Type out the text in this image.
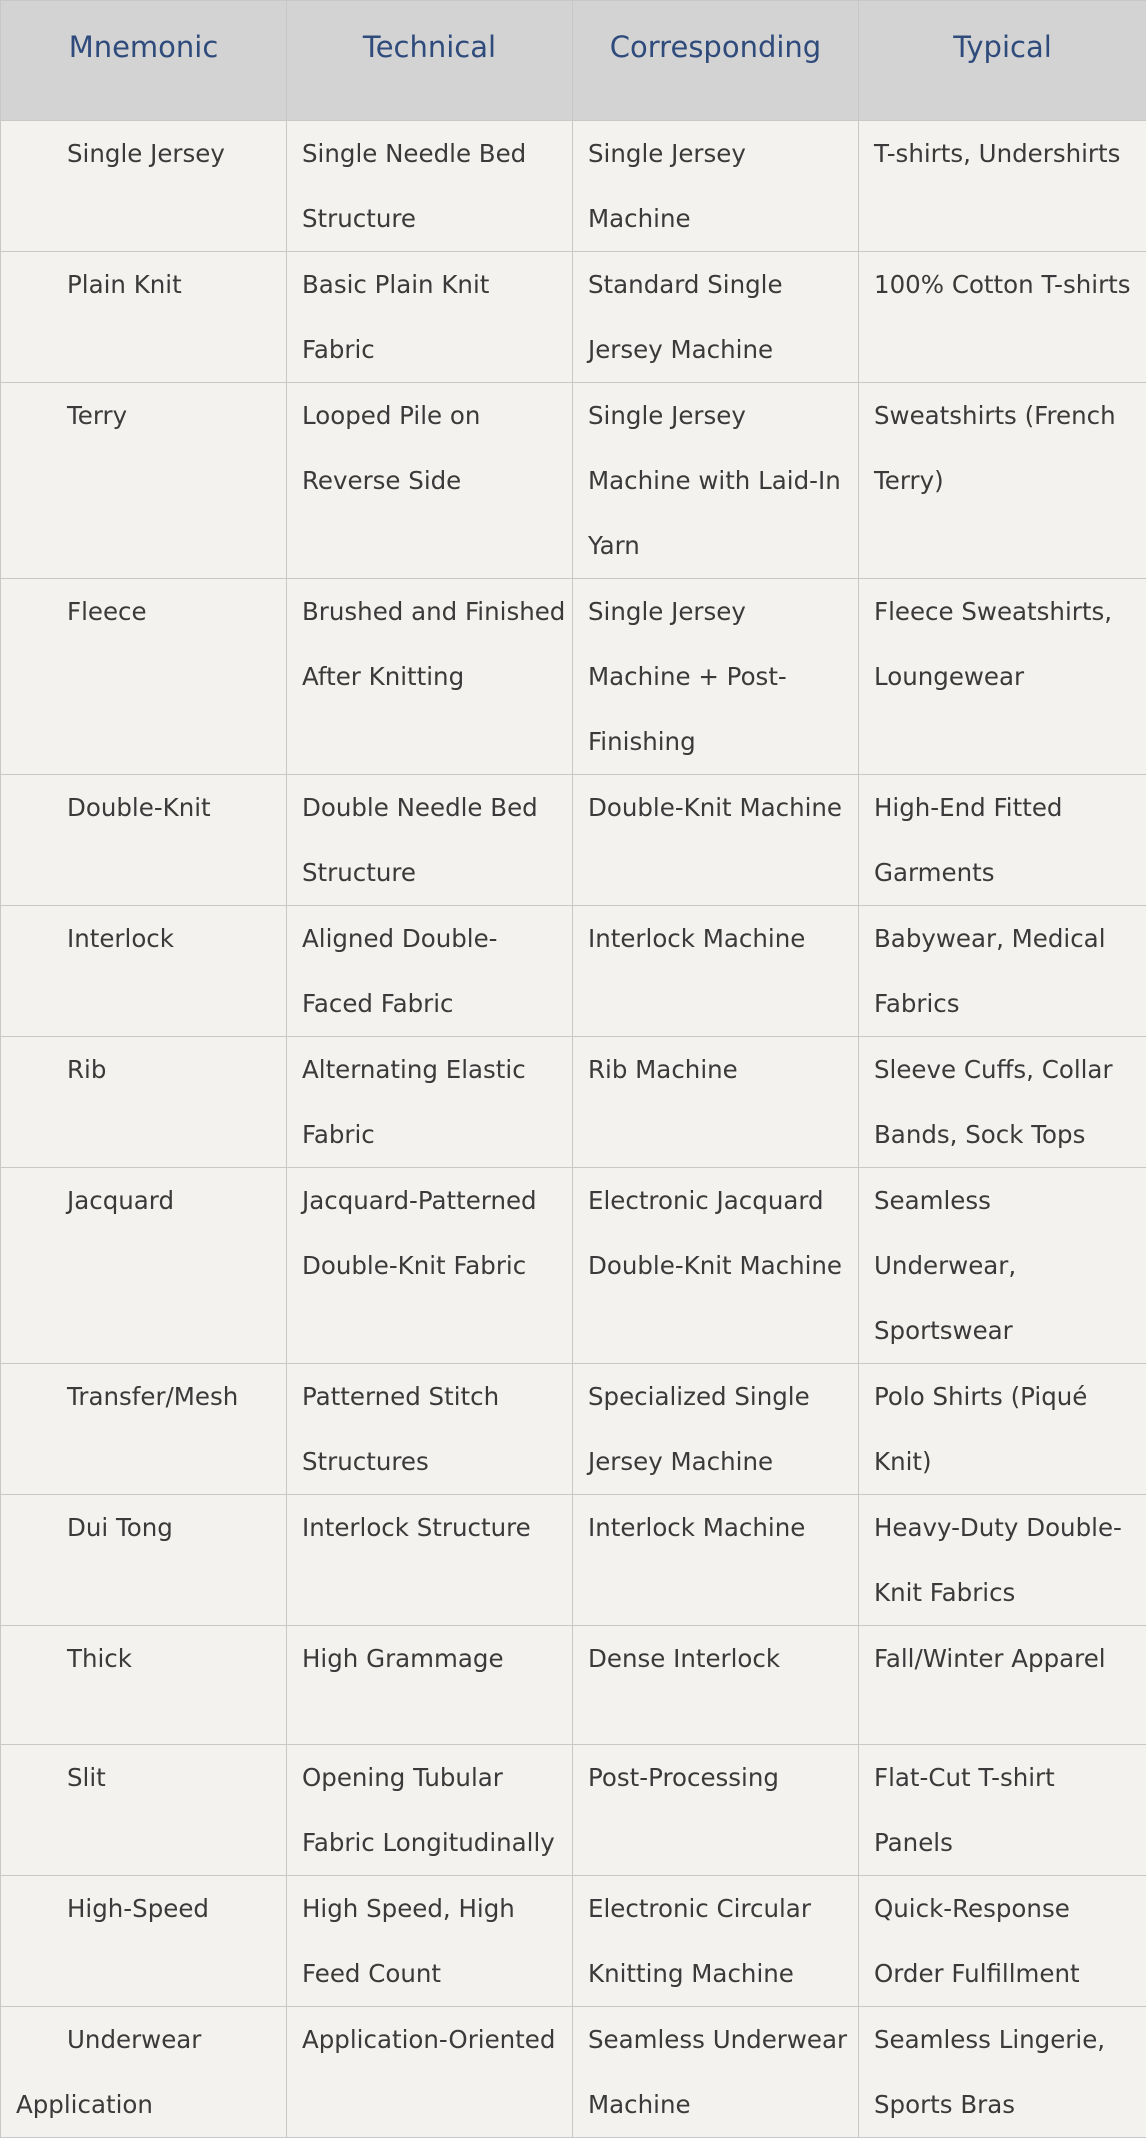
Mnemonic	Technical	Corresponding	Typical
Single Jersey	Single Needle Bed Structure	Single Jersey Machine	T-shirts, Undershirts
Plain Knit	Basic Plain Knit Fabric	Standard Single Jersey Machine	100% Cotton T-shirts
Terry	Looped Pile on Reverse Side	Single Jersey Machine with Laid-In Yarn	Sweatshirts (French Terry)
Fleece	Brushed and Finished After Knitting	Single Jersey Machine + Post-Finishing	Fleece Sweatshirts, Loungewear
Double-Knit	Double Needle Bed Structure	Double-Knit Machine	High-End Fitted Garments
Interlock	Aligned Double-Faced Fabric	Interlock Machine	Babywear, Medical Fabrics
Rib	Alternating Elastic Fabric	Rib Machine	Sleeve Cuffs, Collar Bands, Sock Tops
Jacquard	Jacquard-Patterned Double-Knit Fabric	Electronic Jacquard Double-Knit Machine	Seamless Underwear, Sportswear
Transfer/Mesh	Patterned Stitch Structures	Specialized Single Jersey Machine	Polo Shirts (Piqué Knit)
Dui Tong	Interlock Structure	Interlock Machine	Heavy-Duty Double-Knit Fabrics
Thick	High Grammage	Dense Interlock	Fall/Winter Apparel
Slit	Opening Tubular Fabric Longitudinally	Post-Processing	Flat-Cut T-shirt Panels
High-Speed	High Speed, High Feed Count	Electronic Circular Knitting Machine	Quick-Response Order Fulfillment
Underwear Application	Application-Oriented	Seamless Underwear Machine	Seamless Lingerie, Sports Bras
